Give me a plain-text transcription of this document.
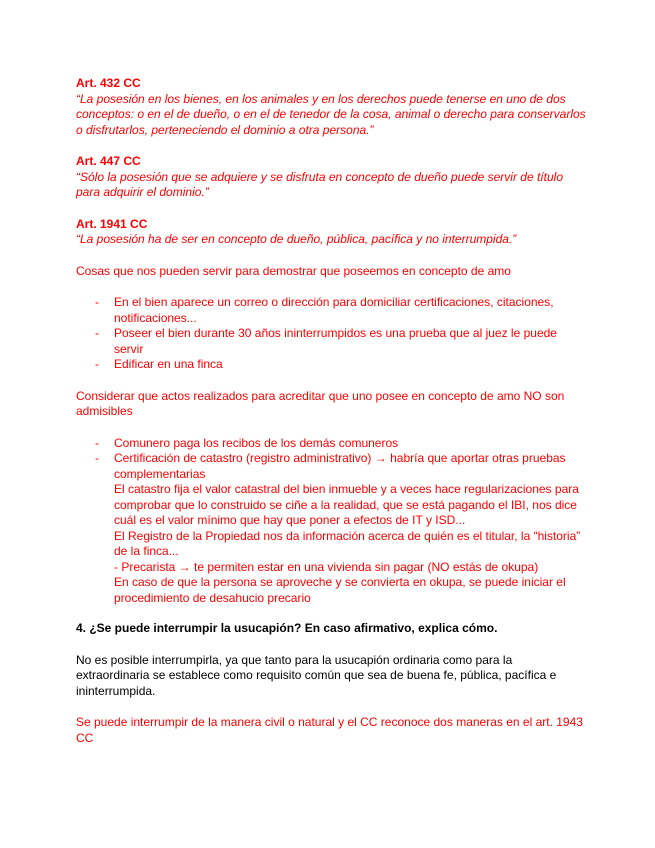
Art. 432 CC

“La posesión en los bienes, en los animales y en los derechos puede tenerse en uno de dos conceptos: o en el de dueño, o en el de tenedor de la cosa, animal o derecho para conservarlos o disfrutarlos, perteneciendo el dominio a otra persona.”

Art. 447 CC

“Sólo la posesión que se adquiere y se disfruta en concepto de dueño puede servir de título para adquirir el dominio.”

Art. 1941 CC

“La posesión ha de ser en concepto de dueño, pública, pacífica y no interrumpida.”

Cosas que nos pueden servir para demostrar que poseemos en concepto de amo

- En el bien aparece un correo o dirección para domiciliar certificaciones, citaciones, notificaciones...
- Poseer el bien durante 30 años ininterrumpidos es una prueba que al juez le puede servir
- Edificar en una finca

Considerar que actos realizados para acreditar que uno posee en concepto de amo NO son admisibles

- Comunero paga los recibos de los demás comuneros
- Certificación de catastro (registro administrativo) → habría que aportar otras pruebas complementarias
El catastro fija el valor catastral del bien inmueble y a veces hace regularizaciones para comprobar que lo construido se ciñe a la realidad, que se está pagando el IBI, nos dice cuál es el valor mínimo que hay que poner a efectos de IT y ISD...
El Registro de la Propiedad nos da información acerca de quién es el titular, la “historia” de la finca...
- Precarista → te permiten estar en una vivienda sin pagar (NO estás de okupa)
En caso de que la persona se aproveche y se convierta en okupa, se puede iniciar el procedimiento de desahucio precario

4. ¿Se puede interrumpir la usucapión? En caso afirmativo, explica cómo.

No es posible interrumpirla, ya que tanto para la usucapión ordinaria como para la extraordinaria se establece como requisito común que sea de buena fe, pública, pacífica e ininterrumpida.

Se puede interrumpir de la manera civil o natural y el CC reconoce dos maneras en el art. 1943 CC
